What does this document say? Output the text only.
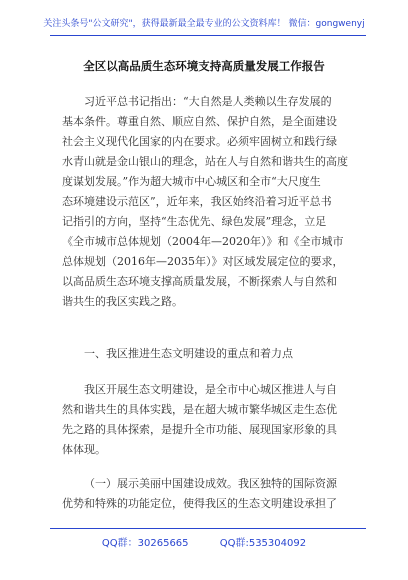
关注头条号"公文研究"，获得最新最全最专业的公文资料库！ 微信：gongwenyj
全区以高品质生态环境支持高质量发展工作报告
习近平总书记指出：“大自然是人类赖以生存发展的
基本条件。尊重自然、顺应自然、保护自然，是全面建设
社会主义现代化国家的内在要求。必须牢固树立和践行绿
水青山就是金山银山的理念，站在人与自然和谐共生的高度
度谋划发展。”作为超大城市中心城区和全市“大尺度生
态环境建设示范区”，近年来，我区始终沿着习近平总书
记指引的方向，坚持“生态优先、绿色发展”理念，立足
《全市城市总体规划（2004年—2020年）》和《全市城市
总体规划（2016年—2035年）》对区域发展定位的要求，
以高品质生态环境支撑高质量发展，不断探索人与自然和
谐共生的我区实践之路。
一、我区推进生态文明建设的重点和着力点
我区开展生态文明建设，是全市中心城区推进人与自
然和谐共生的具体实践，是在超大城市繁华城区走生态优
先之路的具体探索，是提升全市功能、展现国家形象的具
体体现。
（一）展示美丽中国建设成效。我区独特的国际资源
优势和特殊的功能定位，使得我区的生态文明建设承担了
QQ群：30265665	QQ群:535304092
